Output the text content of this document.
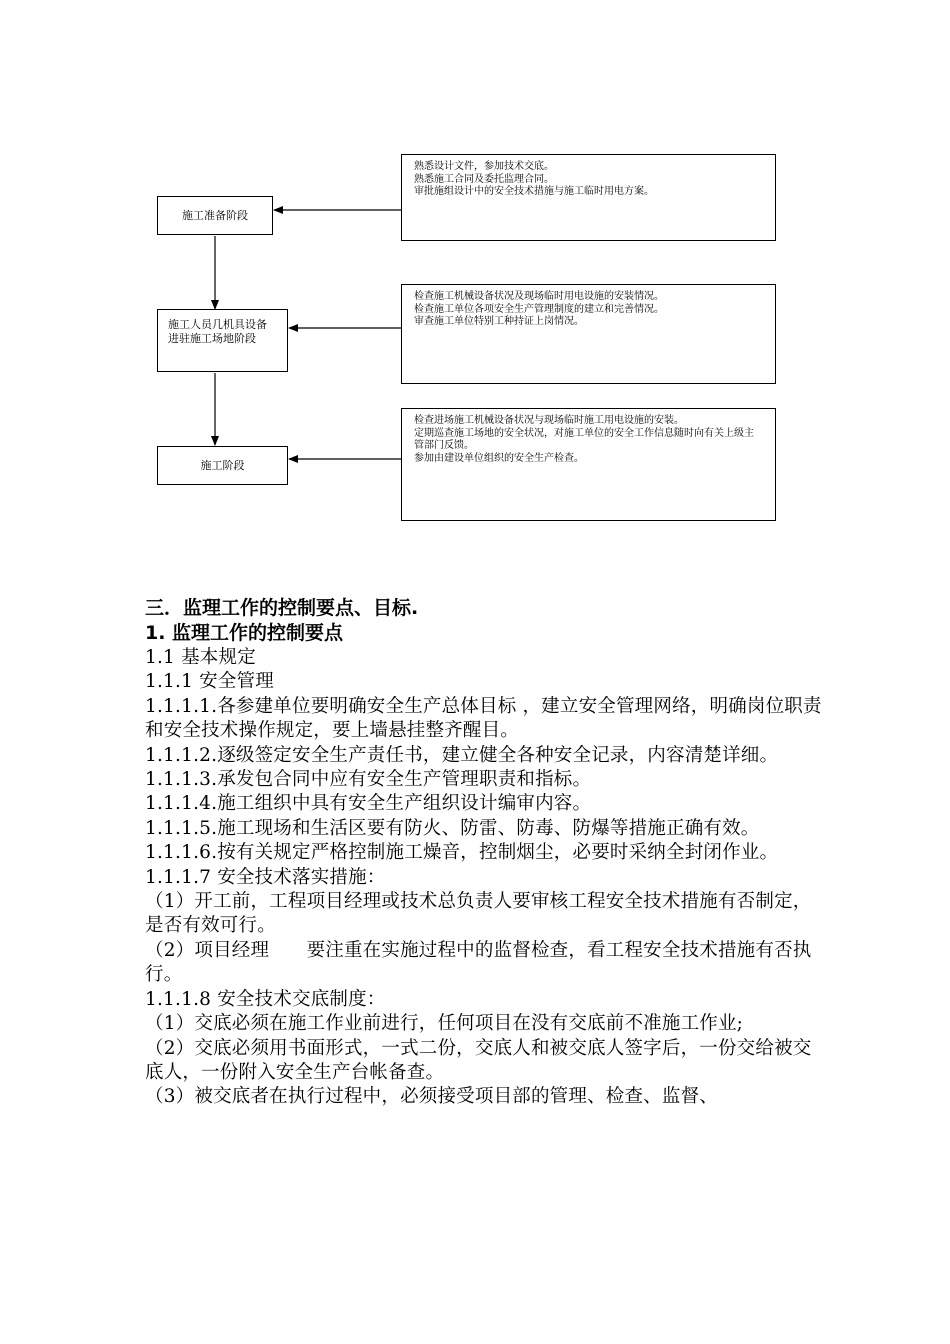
施工准备阶段
施工人员几机具设备进驻施工场地阶段
施工阶段
熟悉设计文件，参加技术交底。
熟悉施工合同及委托监理合同。
审批施组设计中的安全技术措施与施工临时用电方案。
检查施工机械设备状况及现场临时用电设施的安装情况。
检查施工单位各项安全生产管理制度的建立和完善情况。
审查施工单位特别工种持证上岗情况。
检查进场施工机械设备状况与现场临时施工用电设施的安装。
定期巡查施工场地的安全状况，对施工单位的安全工作信息随时向有关上级主管部门反馈。
参加由建设单位组织的安全生产检查。
三．监理工作的控制要点、目标.
1. 监理工作的控制要点
1.1 基本规定
1.1.1 安全管理
1.1.1.1.各参建单位要明确安全生产总体目标 ，建立安全管理网络，明确岗位职责和安全技术操作规定，要上墙悬挂整齐醒目。
1.1.1.2.逐级签定安全生产责任书，建立健全各种安全记录，内容清楚详细。
1.1.1.3.承发包合同中应有安全生产管理职责和指标。
1.1.1.4.施工组织中具有安全生产组织设计编审内容。
1.1.1.5.施工现场和生活区要有防火、防雷、防毒、防爆等措施正确有效。
1.1.1.6.按有关规定严格控制施工燥音，控制烟尘，必要时采纳全封闭作业。
1.1.1.7 安全技术落实措施：
（1）开工前，工程项目经理或技术总负责人要审核工程安全技术措施有否制定，是否有效可行。
（2）项目经理　　要注重在实施过程中的监督检查，看工程安全技术措施有否执行。
1.1.1.8 安全技术交底制度：
（1）交底必须在施工作业前进行，任何项目在没有交底前不准施工作业;
（2）交底必须用书面形式，一式二份，交底人和被交底人签字后，一份交给被交底人，一份附入安全生产台帐备查。
（3）被交底者在执行过程中，必须接受项目部的管理、检查、监督、
